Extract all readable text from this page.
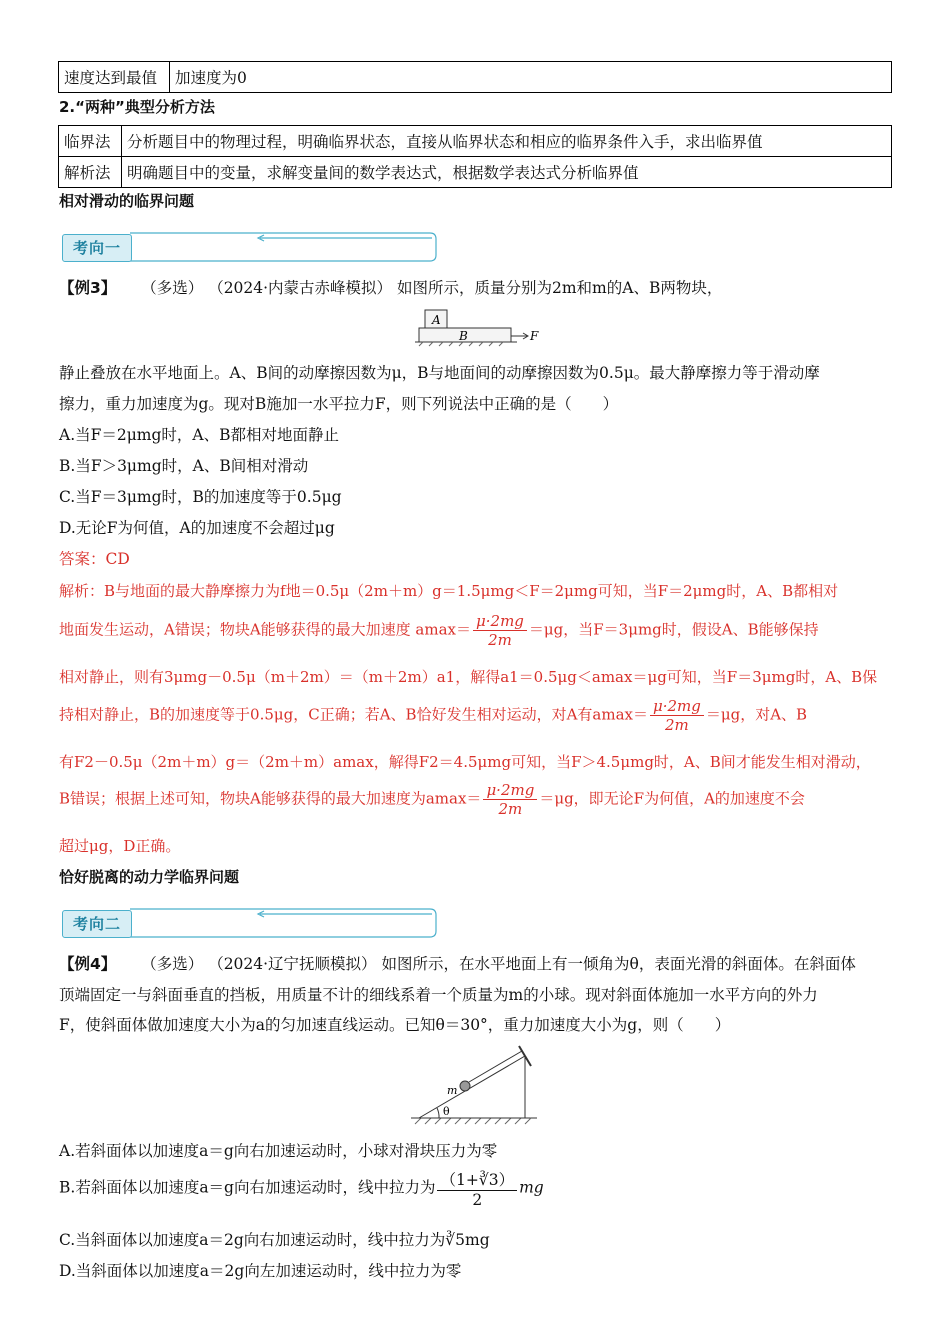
速度达到最值	加速度为0
2.“两种”典型分析方法
临界法	分析题目中的物理过程，明确临界状态，直接从临界状态和相应的临界条件入手，求出临界值
解析法	明确题目中的变量，求解变量间的数学表达式，根据数学表达式分析临界值
相对滑动的临界问题
考向一
【例3】 （多选） （2024·内蒙古赤峰模拟） 如图所示，质量分别为2m和m的A、B两物块，
A
B	F
静止叠放在水平地面上。A、B间的动摩擦因数为μ，B与地面间的动摩擦因数为0.5μ。最大静摩擦力等于滑动摩
擦力，重力加速度为g。现对B施加一水平拉力F，则下列说法中正确的是（　　）
A.当F＝2μmg时，A、B都相对地面静止
B.当F＞3μmg时，A、B间相对滑动
C.当F＝3μmg时，B的加速度等于0.5μg
D.无论F为何值，A的加速度不会超过μg
答案：CD
解析：B与地面的最大静摩擦力为f地＝0.5μ（2m＋m）g＝1.5μmg＜F＝2μmg可知，当F＝2μmg时，A、B都相对
地面发生运动，A错误；物块A能够获得的最大加速度 $amax= \frac{\mu\cdot 2mg}{2m} =\mu g$，当F＝3μmg时，假设A、B能够保持
相对静止，则有3μmg－0.5μ（m＋2m）＝（m＋2m）a1，解得a1＝0.5μg＜amax＝μg可知，当F＝3μmg时，A、B保
持相对静止，B的加速度等于0.5μg，C正确；若A、B恰好发生相对运动，对A有$amax= \frac{\mu\cdot 2mg}{2m} =\mu g$，对A、B
有F2－0.5μ（2m＋m）g＝（2m＋m）amax，解得F2＝4.5μmg可知，当F＞4.5μmg时，A、B间才能发生相对滑动，
B错误；根据上述可知，物块A能够获得的最大加速度为$amax= \frac{\mu\cdot 2mg}{2m} =\mu g$，即无论F为何值，A的加速度不会
超过μg，D正确。
恰好脱离的动力学临界问题
考向二
【例4】 （多选） （2024·辽宁抚顺模拟） 如图所示，在水平地面上有一倾角为θ，表面光滑的斜面体。在斜面体
顶端固定一与斜面垂直的挡板，用质量不计的细线系着一个质量为m的小球。现对斜面体施加一水平方向的外力
F，使斜面体做加速度大小为a的匀加速直线运动。已知θ＝30°，重力加速度大小为g，则（　　）
m
θ
A.若斜面体以加速度a＝g向右加速运动时，小球对滑块压力为零
B.若斜面体以加速度a＝g向右加速运动时，线中拉力为 $\frac{(1+∛3)}{2}$ mg
C.当斜面体以加速度a＝2g向右加速运动时，线中拉力为∛5mg
D.当斜面体以加速度a＝2g向左加速运动时，线中拉力为零
